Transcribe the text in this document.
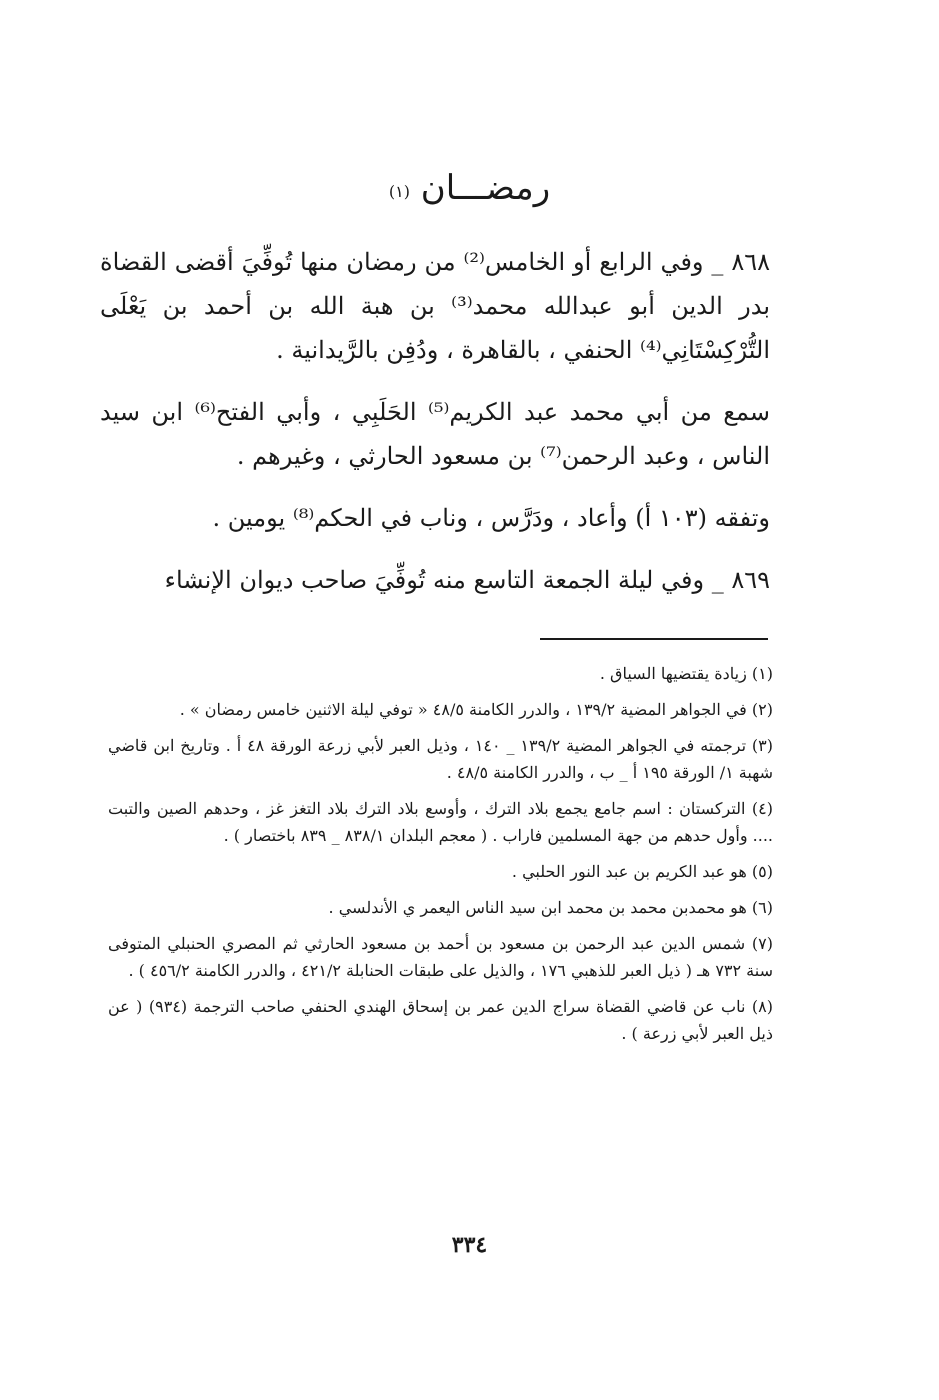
رمضـــان $^{(١)}$

٨٦٨ _ وفي الرابع أو الخامس⁽²⁾ من رمضان منها تُوفِّيَ أقضى القضاة بدر الدين أبو عبدالله محمد⁽³⁾ بن هبة الله بن أحمد بن يَعْلَى التُّرْكِسْتَانِي⁽⁴⁾ الحنفي ، بالقاهرة ، ودُفِن بالرَّيدانية .

سمع من أبي محمد عبد الكريم⁽⁵⁾ الحَلَبِي ، وأبي الفتح⁽⁶⁾ ابن سيد الناس ، وعبد الرحمن⁽⁷⁾ بن مسعود الحارثي ، وغيرهم .

وتفقه (١٠٣ أ) وأعاد ، ودَرَّس ، وناب في الحكم⁽⁸⁾ يومين .

٨٦٩ _ وفي ليلة الجمعة التاسع منه تُوفِّيَ صاحب ديوان الإنشاء

(١) زيادة يقتضيها السياق .

(٢) في الجواهر المضية ١٣٩/٢ ، والدرر الكامنة ٤٨/٥ « توفي ليلة الاثنين خامس رمضان » .

(٣) ترجمته في الجواهر المضية ١٣٩/٢ _ ١٤٠ ، وذيل العبر لأبي زرعة الورقة ٤٨ أ . وتاريخ ابن قاضي شهبة ١/ الورقة ١٩٥ أ _ ب ، والدرر الكامنة ٤٨/٥ .

(٤) التركستان : اسم جامع يجمع بلاد الترك ، وأوسع بلاد الترك بلاد التغز غز ، وحدهم الصين والتبت .... وأول حدهم من جهة المسلمين فاراب . ( معجم البلدان ٨٣٨/١ _ ٨٣٩ باختصار ) .

(٥) هو عبد الكريم بن عبد النور الحلبي .

(٦) هو محمدبن محمد بن محمد ابن سيد الناس اليعمر ي الأندلسي .

(٧) شمس الدين عبد الرحمن بن مسعود بن أحمد بن مسعود الحارثي ثم المصري الحنبلي المتوفى سنة ٧٣٢ هـ ( ذيل العبر للذهبي ١٧٦ ، والذيل على طبقات الحنابلة ٤٢١/٢ ، والدرر الكامنة ٤٥٦/٢ ) .

(٨) ناب عن قاضي القضاة سراج الدين عمر بن إسحاق الهندي الحنفي صاحب الترجمة (٩٣٤) ( عن ذيل العبر لأبي زرعة ) .

٣٣٤
